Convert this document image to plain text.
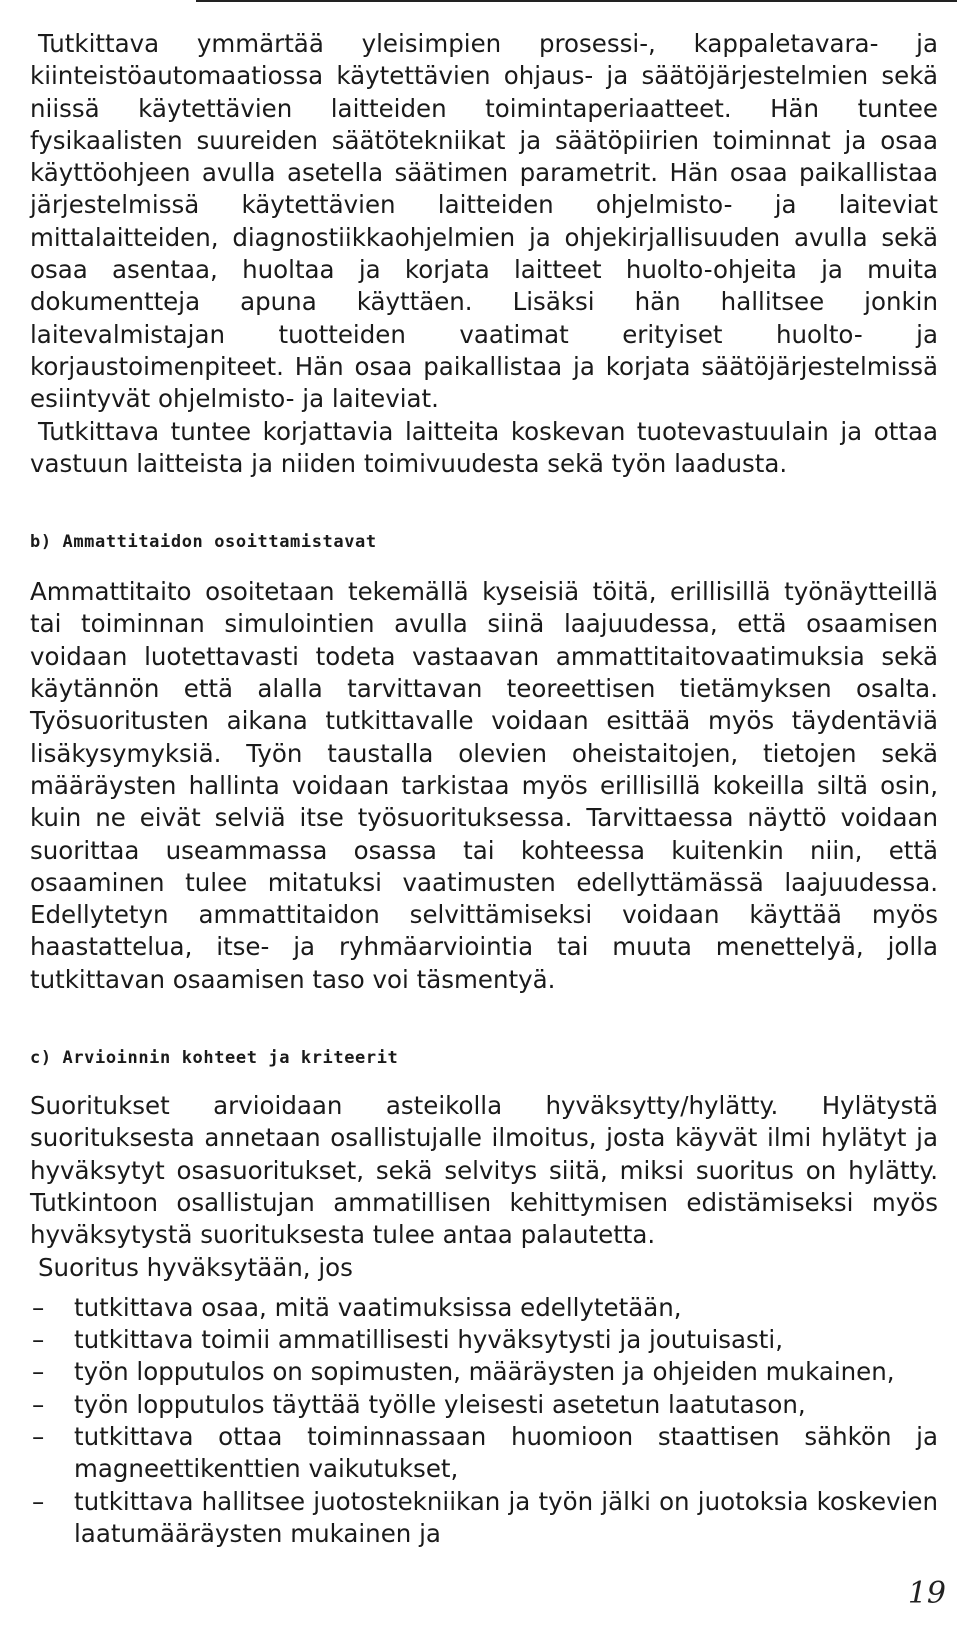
Tutkittava ymmärtää yleisimpien prosessi-, kappaletavara- ja kiinteistöautomaatiossa käytettävien ohjaus- ja säätöjärjestelmien sekä niissä käytettävien laitteiden toimintaperiaatteet. Hän tuntee fysikaalisten suureiden säätötekniikat ja säätöpiirien toiminnat ja osaa käyttöohjeen avulla asetella säätimen parametrit. Hän osaa paikallistaa järjestelmissä käytettävien laitteiden ohjelmisto- ja laiteviat mittalaitteiden, diagnostiikkaohjelmien ja ohjekirjallisuuden avulla sekä osaa asentaa, huoltaa ja korjata laitteet huolto-ohjeita ja muita dokumentteja apuna käyttäen. Lisäksi hän hallitsee jonkin laitevalmistajan tuotteiden vaatimat erityiset huolto- ja korjaustoimenpiteet. Hän osaa paikallistaa ja korjata säätöjärjestelmissä esiintyvät ohjelmisto- ja laiteviat.

Tutkittava tuntee korjattavia laitteita koskevan tuotevastuulain ja ottaa vastuun laitteista ja niiden toimivuudesta sekä työn laadusta.

b) Ammattitaidon osoittamistavat

Ammattitaito osoitetaan tekemällä kyseisiä töitä, erillisillä työnäytteillä tai toiminnan simulointien avulla siinä laajuudessa, että osaamisen voidaan luotettavasti todeta vastaavan ammattitaitovaatimuksia sekä käytännön että alalla tarvittavan teoreettisen tietämyksen osalta. Työsuoritusten aikana tutkittavalle voidaan esittää myös täydentäviä lisäkysymyksiä. Työn taustalla olevien oheistaitojen, tietojen sekä määräysten hallinta voidaan tarkistaa myös erillisillä kokeilla siltä osin, kuin ne eivät selviä itse työsuorituksessa. Tarvittaessa näyttö voidaan suorittaa useammassa osassa tai kohteessa kuitenkin niin, että osaaminen tulee mitatuksi vaatimusten edellyttämässä laajuudessa. Edellytetyn ammattitaidon selvittämiseksi voidaan käyttää myös haastattelua, itse- ja ryhmäarviointia tai muuta menettelyä, jolla tutkittavan osaamisen taso voi täsmentyä.

c) Arvioinnin kohteet ja kriteerit

Suoritukset arvioidaan asteikolla hyväksytty/hylätty. Hylätystä suorituksesta annetaan osallistujalle ilmoitus, josta käyvät ilmi hylätyt ja hyväksytyt osasuoritukset, sekä selvitys siitä, miksi suoritus on hylätty. Tutkintoon osallistujan ammatillisen kehittymisen edistämiseksi myös hyväksytystä suorituksesta tulee antaa palautetta.

Suoritus hyväksytään, jos

– tutkittava osaa, mitä vaatimuksissa edellytetään,
– tutkittava toimii ammatillisesti hyväksytysti ja joutuisasti,
– työn lopputulos on sopimusten, määräysten ja ohjeiden mukainen,
– työn lopputulos täyttää työlle yleisesti asetetun laatutason,
– tutkittava ottaa toiminnassaan huomioon staattisen sähkön ja magneettikenttien vaikutukset,
– tutkittava hallitsee juotostekniikan ja työn jälki on juotoksia koskevien laatumääräysten mukainen ja
19
